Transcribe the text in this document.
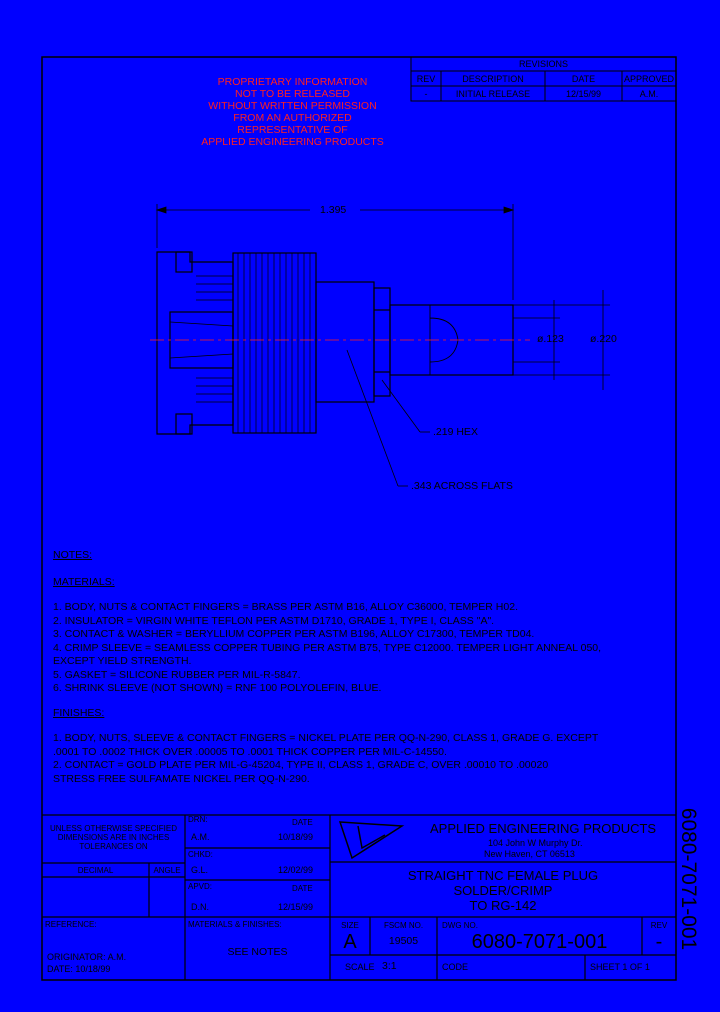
PROPRIETARY INFORMATION
NOT TO BE RELEASED
WITHOUT WRITTEN PERMISSION
FROM AN AUTHORIZED
REPRESENTATIVE OF
APPLIED ENGINEERING PRODUCTS
REVISIONS
REV	DESCRIPTION	DATE	APPROVED
-	INITIAL RELEASE	12/15/99	A.M.
1.395
ø.123 ø.220
.219 HEX
.343 ACROSS FLATS
NOTES:
MATERIALS:
1. BODY, NUTS & CONTACT FINGERS = BRASS PER ASTM B16, ALLOY C36000, TEMPER H02.
2. INSULATOR = VIRGIN WHITE TEFLON PER ASTM D1710, GRADE 1, TYPE I, CLASS "A".
3. CONTACT & WASHER = BERYLLIUM COPPER PER ASTM B196, ALLOY C17300, TEMPER TD04.
4. CRIMP SLEEVE = SEAMLESS COPPER TUBING PER ASTM B75, TYPE C12000. TEMPER LIGHT ANNEAL 050,
EXCEPT YIELD STRENGTH.
5. GASKET = SILICONE RUBBER PER MIL-R-5847.
6. SHRINK SLEEVE (NOT SHOWN) = RNF 100 POLYOLEFIN, BLUE.
FINISHES:
1. BODY, NUTS, SLEEVE & CONTACT FINGERS = NICKEL PLATE PER QQ-N-290, CLASS 1, GRADE G. EXCEPT
.0001 TO .0002 THICK OVER .00005 TO .0001 THICK COPPER PER MIL-C-14550.
2. CONTACT = GOLD PLATE PER MIL-G-45204, TYPE II, CLASS 1, GRADE C, OVER .00010 TO .00020
STRESS FREE SULFAMATE NICKEL PER QQ-N-290.
6080-7071-001
UNLESS OTHERWISE SPECIFIED
DIMENSIONS ARE IN INCHES
TOLERANCES ON
DECIMAL	ANGLE
DRN:	DATE
A.M.	10/18/99
CHKD:
G.L.	12/02/99
APVD:	DATE
D.N.	12/15/99
REFERENCE:
ORIGINATOR: A.M.
DATE: 10/18/99
MATERIALS & FINISHES:
SEE NOTES
APPLIED ENGINEERING PRODUCTS
104 John W Murphy Dr.
New Haven, CT 06513
STRAIGHT TNC FEMALE PLUG
SOLDER/CRIMP
TO RG-142
SIZE
A
FSCM NO.
19505
DWG NO.
6080-7071-001
REV
-
SCALE 3:1	CODE	SHEET 1 OF 1
